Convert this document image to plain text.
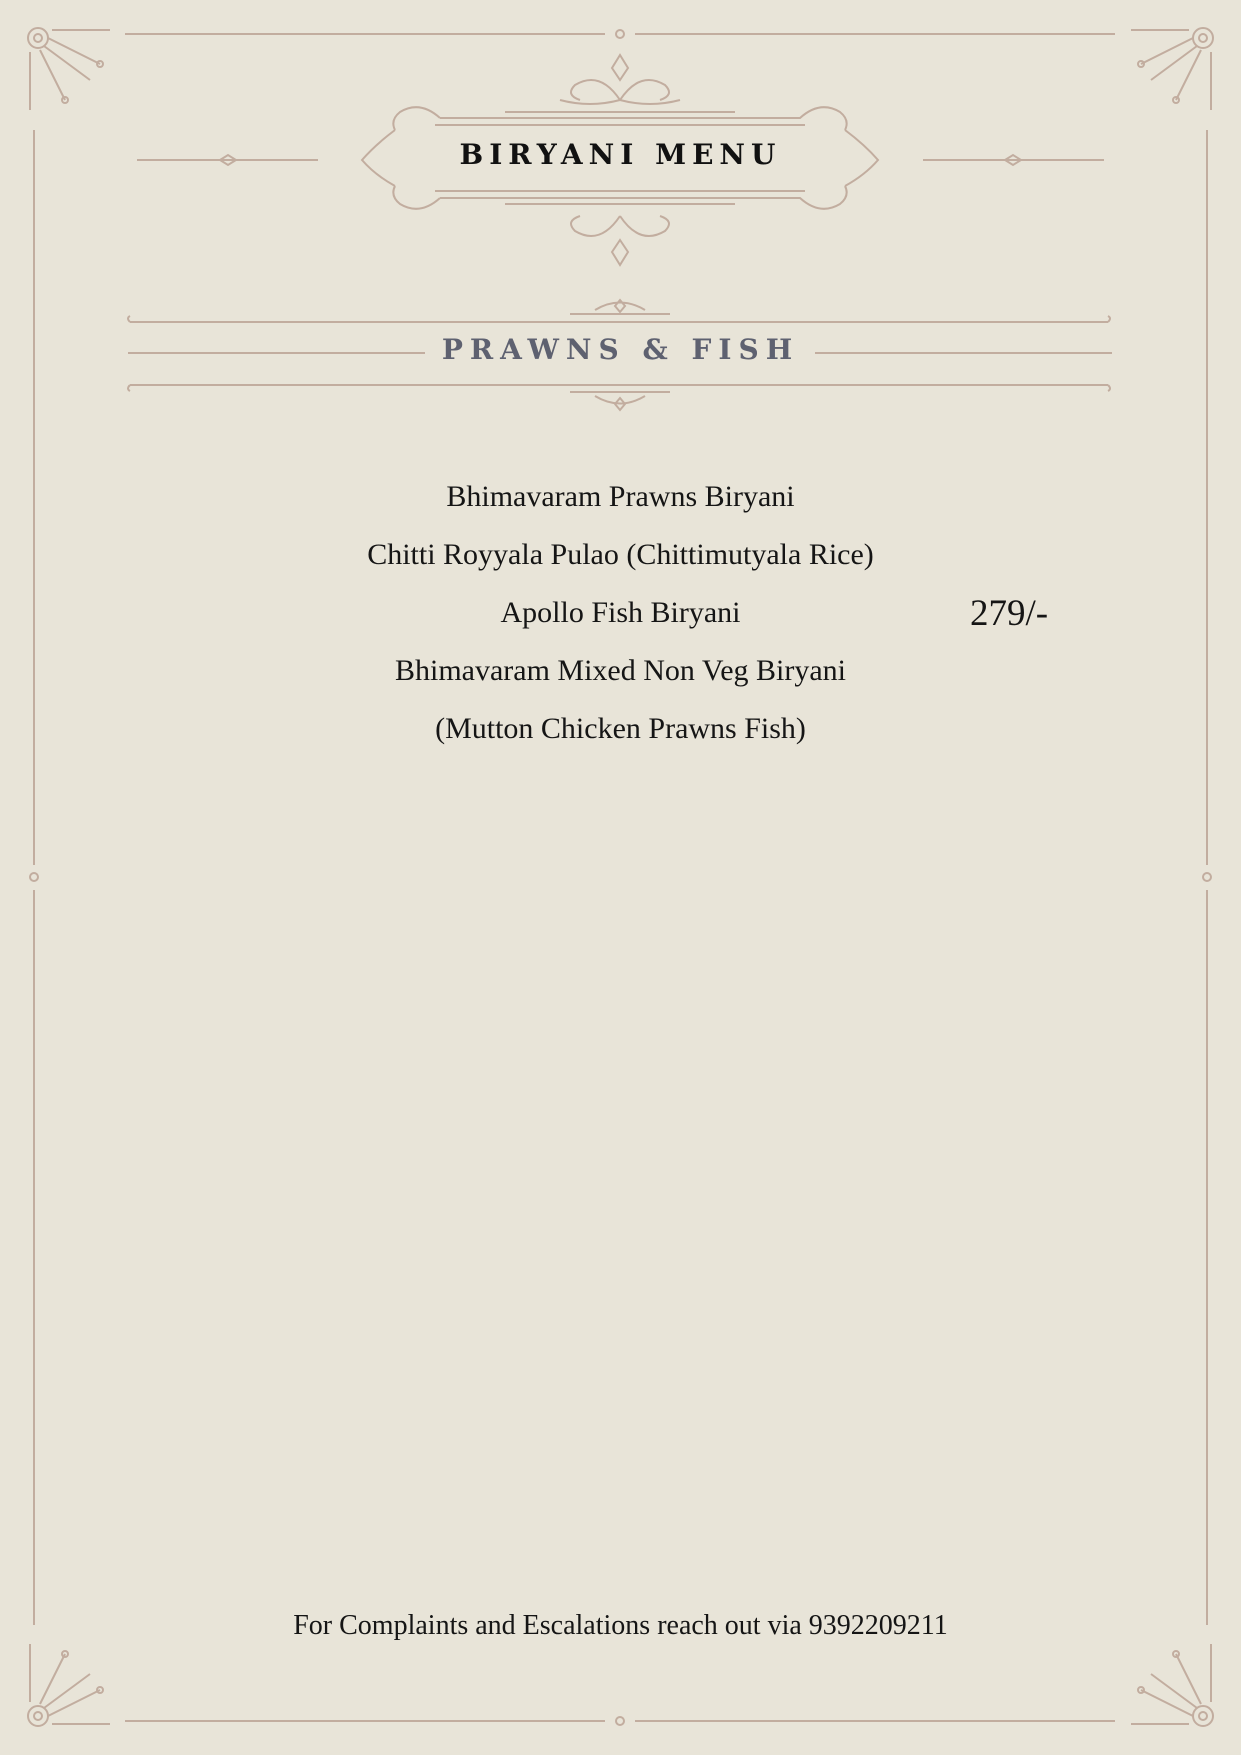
BIRYANI MENU
PRAWNS & FISH
Bhimavaram Prawns Biryani
Chitti Royyala Pulao (Chittimutyala Rice)
Apollo Fish Biryani
Bhimavaram Mixed Non Veg Biryani
(Mutton Chicken Prawns Fish)
279/-
For Complaints and Escalations reach out via 9392209211
